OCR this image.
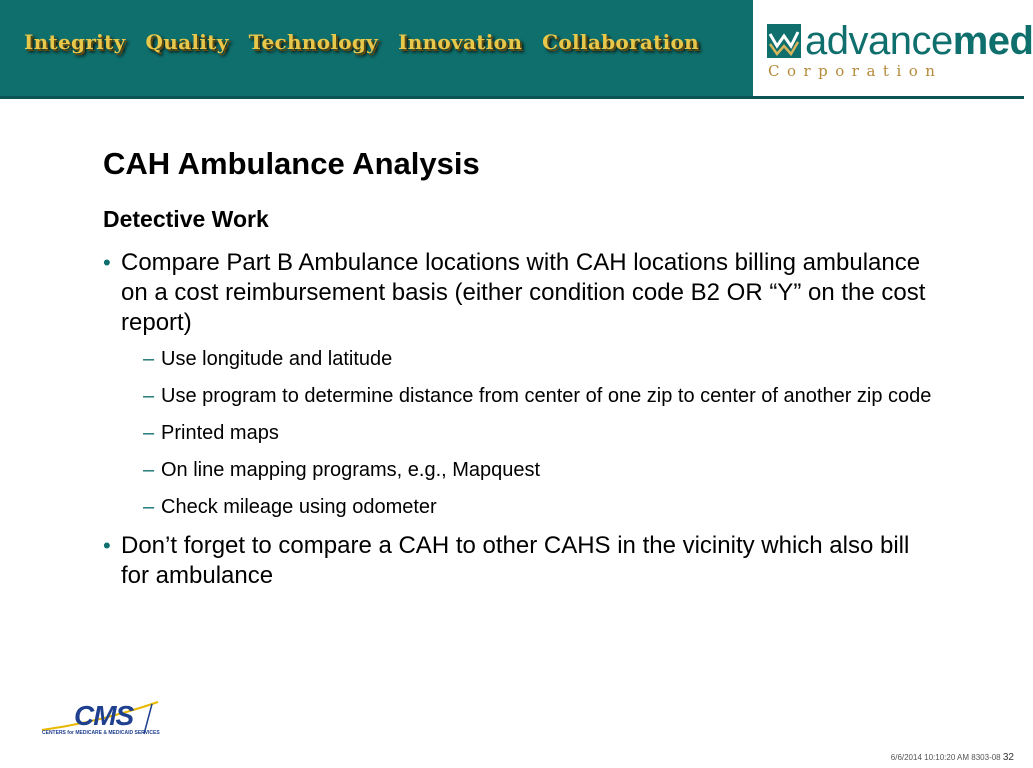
Integrity Quality Technology Innovation Collaboration	advancemed
Corporation
CAH Ambulance Analysis
Detective Work
• Compare Part B Ambulance locations with CAH locations billing ambulance on a cost reimbursement basis (either condition code B2 OR “Y” on the cost report)
– Use longitude and latitude
– Use program to determine distance from center of one zip to center of another zip code
– Printed maps
– On line mapping programs, e.g., Mapquest
– Check mileage using odometer
• Don’t forget to compare a CAH to other CAHS in the vicinity which also bill for ambulance
CMS
CENTERS for MEDICARE & MEDICAID SERVICES
6/6/2014 10:10:20 AM 8303-08 32
